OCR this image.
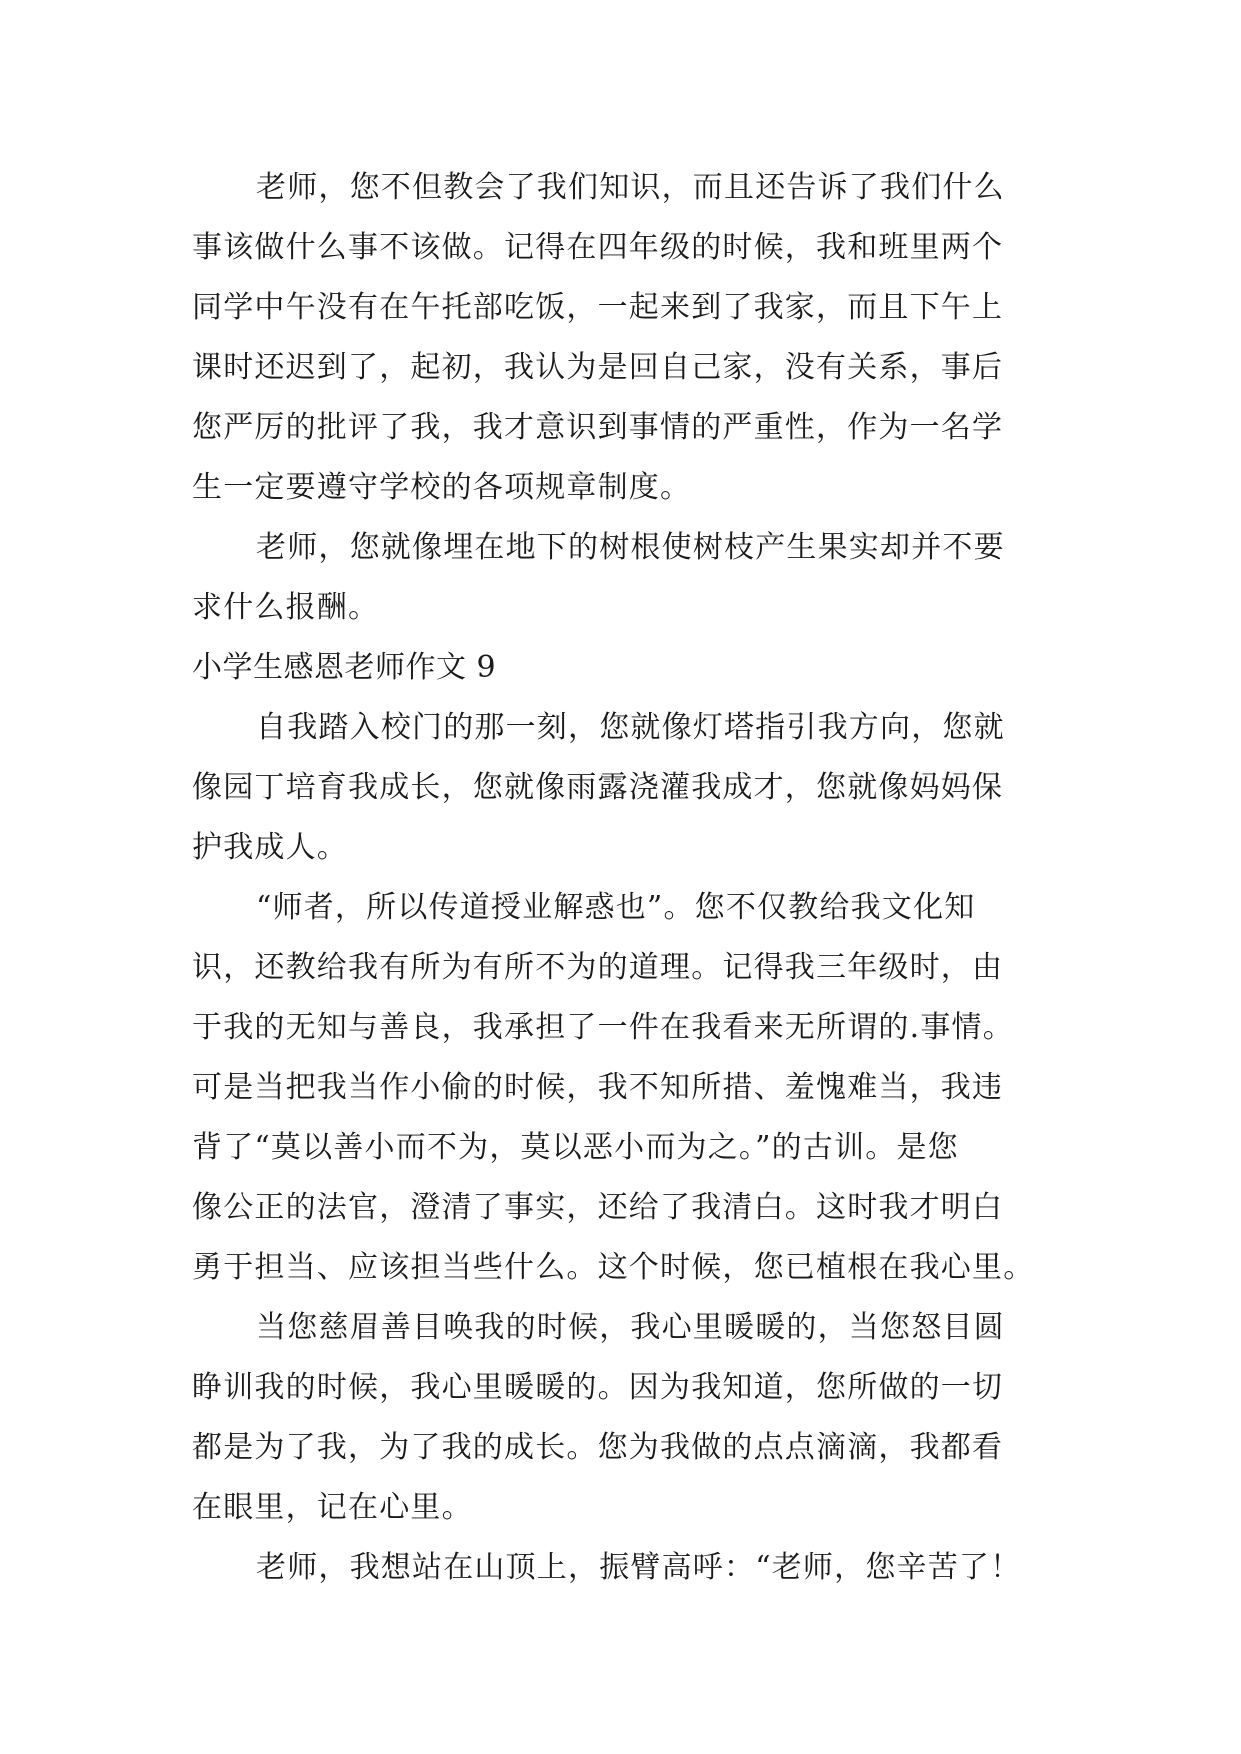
老师，您不但教会了我们知识，而且还告诉了我们什么
事该做什么事不该做。记得在四年级的时候，我和班里两个
同学中午没有在午托部吃饭，一起来到了我家，而且下午上
课时还迟到了，起初，我认为是回自己家，没有关系，事后
您严厉的批评了我，我才意识到事情的严重性，作为一名学
生一定要遵守学校的各项规章制度。
老师，您就像埋在地下的树根使树枝产生果实却并不要
求什么报酬。
小学生感恩老师作文 9
自我踏入校门的那一刻，您就像灯塔指引我方向，您就
像园丁培育我成长，您就像雨露浇灌我成才，您就像妈妈保
护我成人。
“师者，所以传道授业解惑也”。您不仅教给我文化知
识，还教给我有所为有所不为的道理。记得我三年级时，由
于我的无知与善良，我承担了一件在我看来无所谓的.事情。
可是当把我当作小偷的时候，我不知所措、羞愧难当，我违
背了“莫以善小而不为，莫以恶小而为之。”的古训。是您
像公正的法官，澄清了事实，还给了我清白。这时我才明白
勇于担当、应该担当些什么。这个时候，您已植根在我心里。
当您慈眉善目唤我的时候，我心里暖暖的，当您怒目圆
睁训我的时候，我心里暖暖的。因为我知道，您所做的一切
都是为了我，为了我的成长。您为我做的点点滴滴，我都看
在眼里，记在心里。
老师，我想站在山顶上，振臂高呼：“老师，您辛苦了！
